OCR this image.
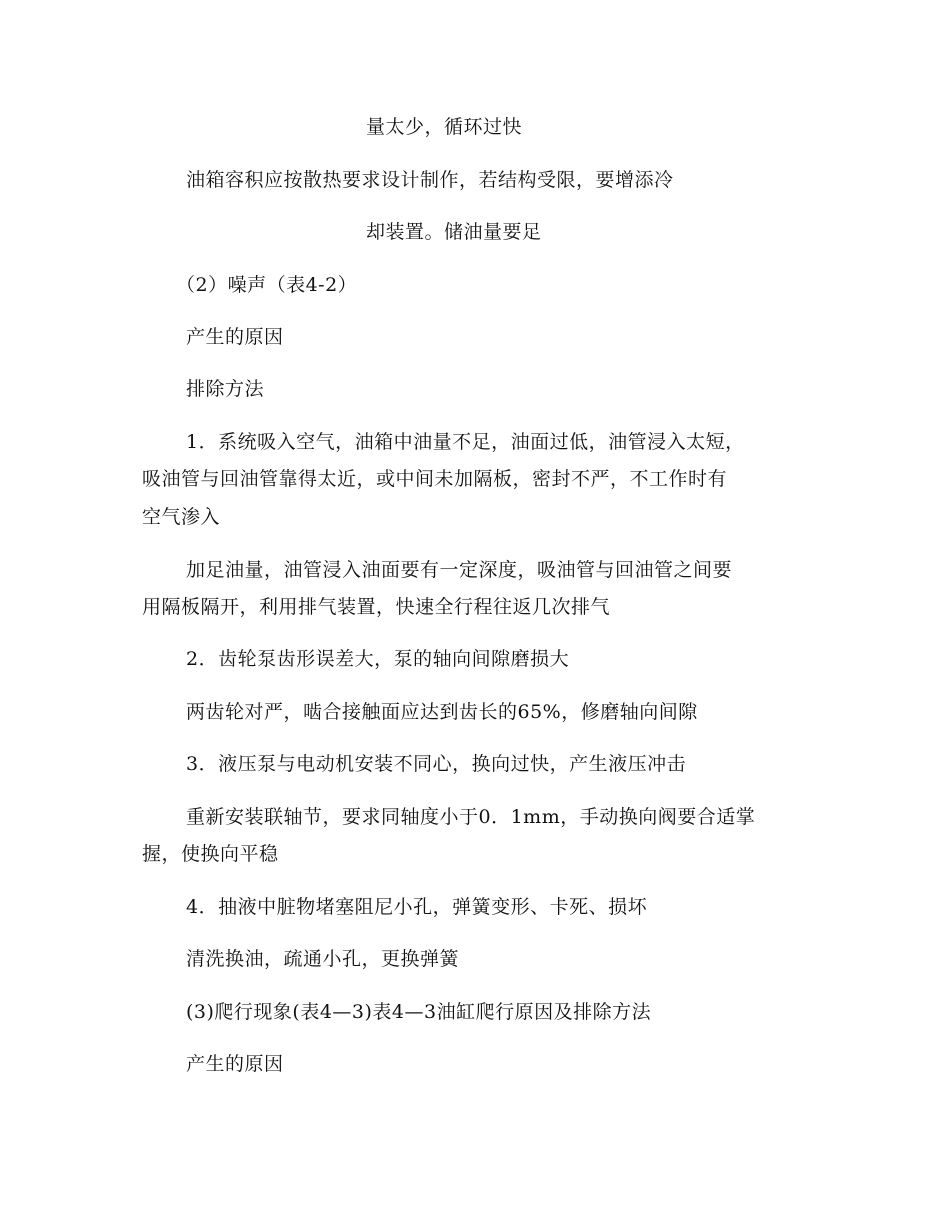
量太少，循环过快
油箱容积应按散热要求设计制作，若结构受限，要增添冷
却装置。储油量要足
（2）噪声（表4-2）
产生的原因
排除方法
1．系统吸入空气，油箱中油量不足，油面过低，油管浸入太短，
吸油管与回油管靠得太近，或中间未加隔板，密封不严，不工作时有
空气渗入
加足油量，油管浸入油面要有一定深度，吸油管与回油管之间要
用隔板隔开，利用排气装置，快速全行程往返几次排气
2．齿轮泵齿形误差大，泵的轴向间隙磨损大
两齿轮对严，啮合接触面应达到齿长的65%，修磨轴向间隙
3．液压泵与电动机安装不同心，换向过快，产生液压冲击
重新安装联轴节，要求同轴度小于0．1mm，手动换向阀要合适掌
握，使换向平稳
4．抽液中脏物堵塞阻尼小孔，弹簧变形、卡死、损坏
清洗换油，疏通小孔，更换弹簧
(3)爬行现象(表4—3)表4—3油缸爬行原因及排除方法
产生的原因
